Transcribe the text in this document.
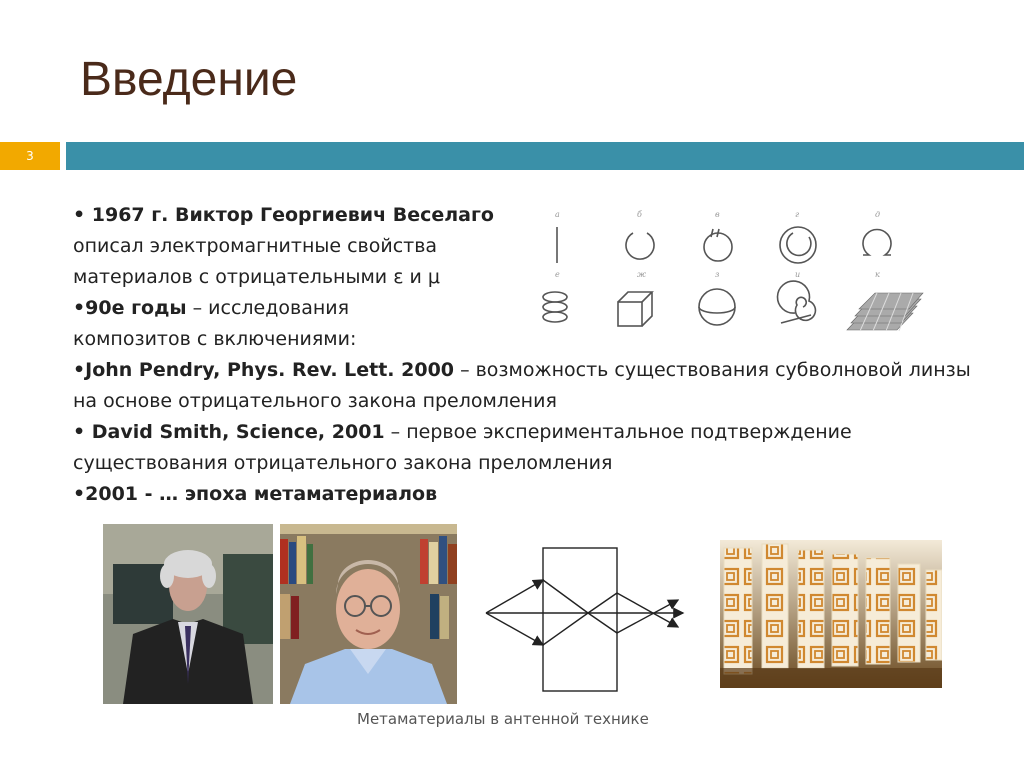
Введение
3
а	б	в	г	д
е	ж	з	и	к

• 1967 г. Виктор Георгиевич Веселаго
описал электромагнитные свойства материалов с отрицательными ε и μ

•90е годы – исследования
композитов с включениями:

•John Pendry, Phys. Rev. Lett. 2000 – возможность существования субволновой линзы на основе отрицательного закона преломления

• David Smith, Science, 2001 – первое экспериментальное подтверждение существования отрицательного закона преломления

•2001 - … эпоха метаматериалов

Метаматериалы в антенной технике
